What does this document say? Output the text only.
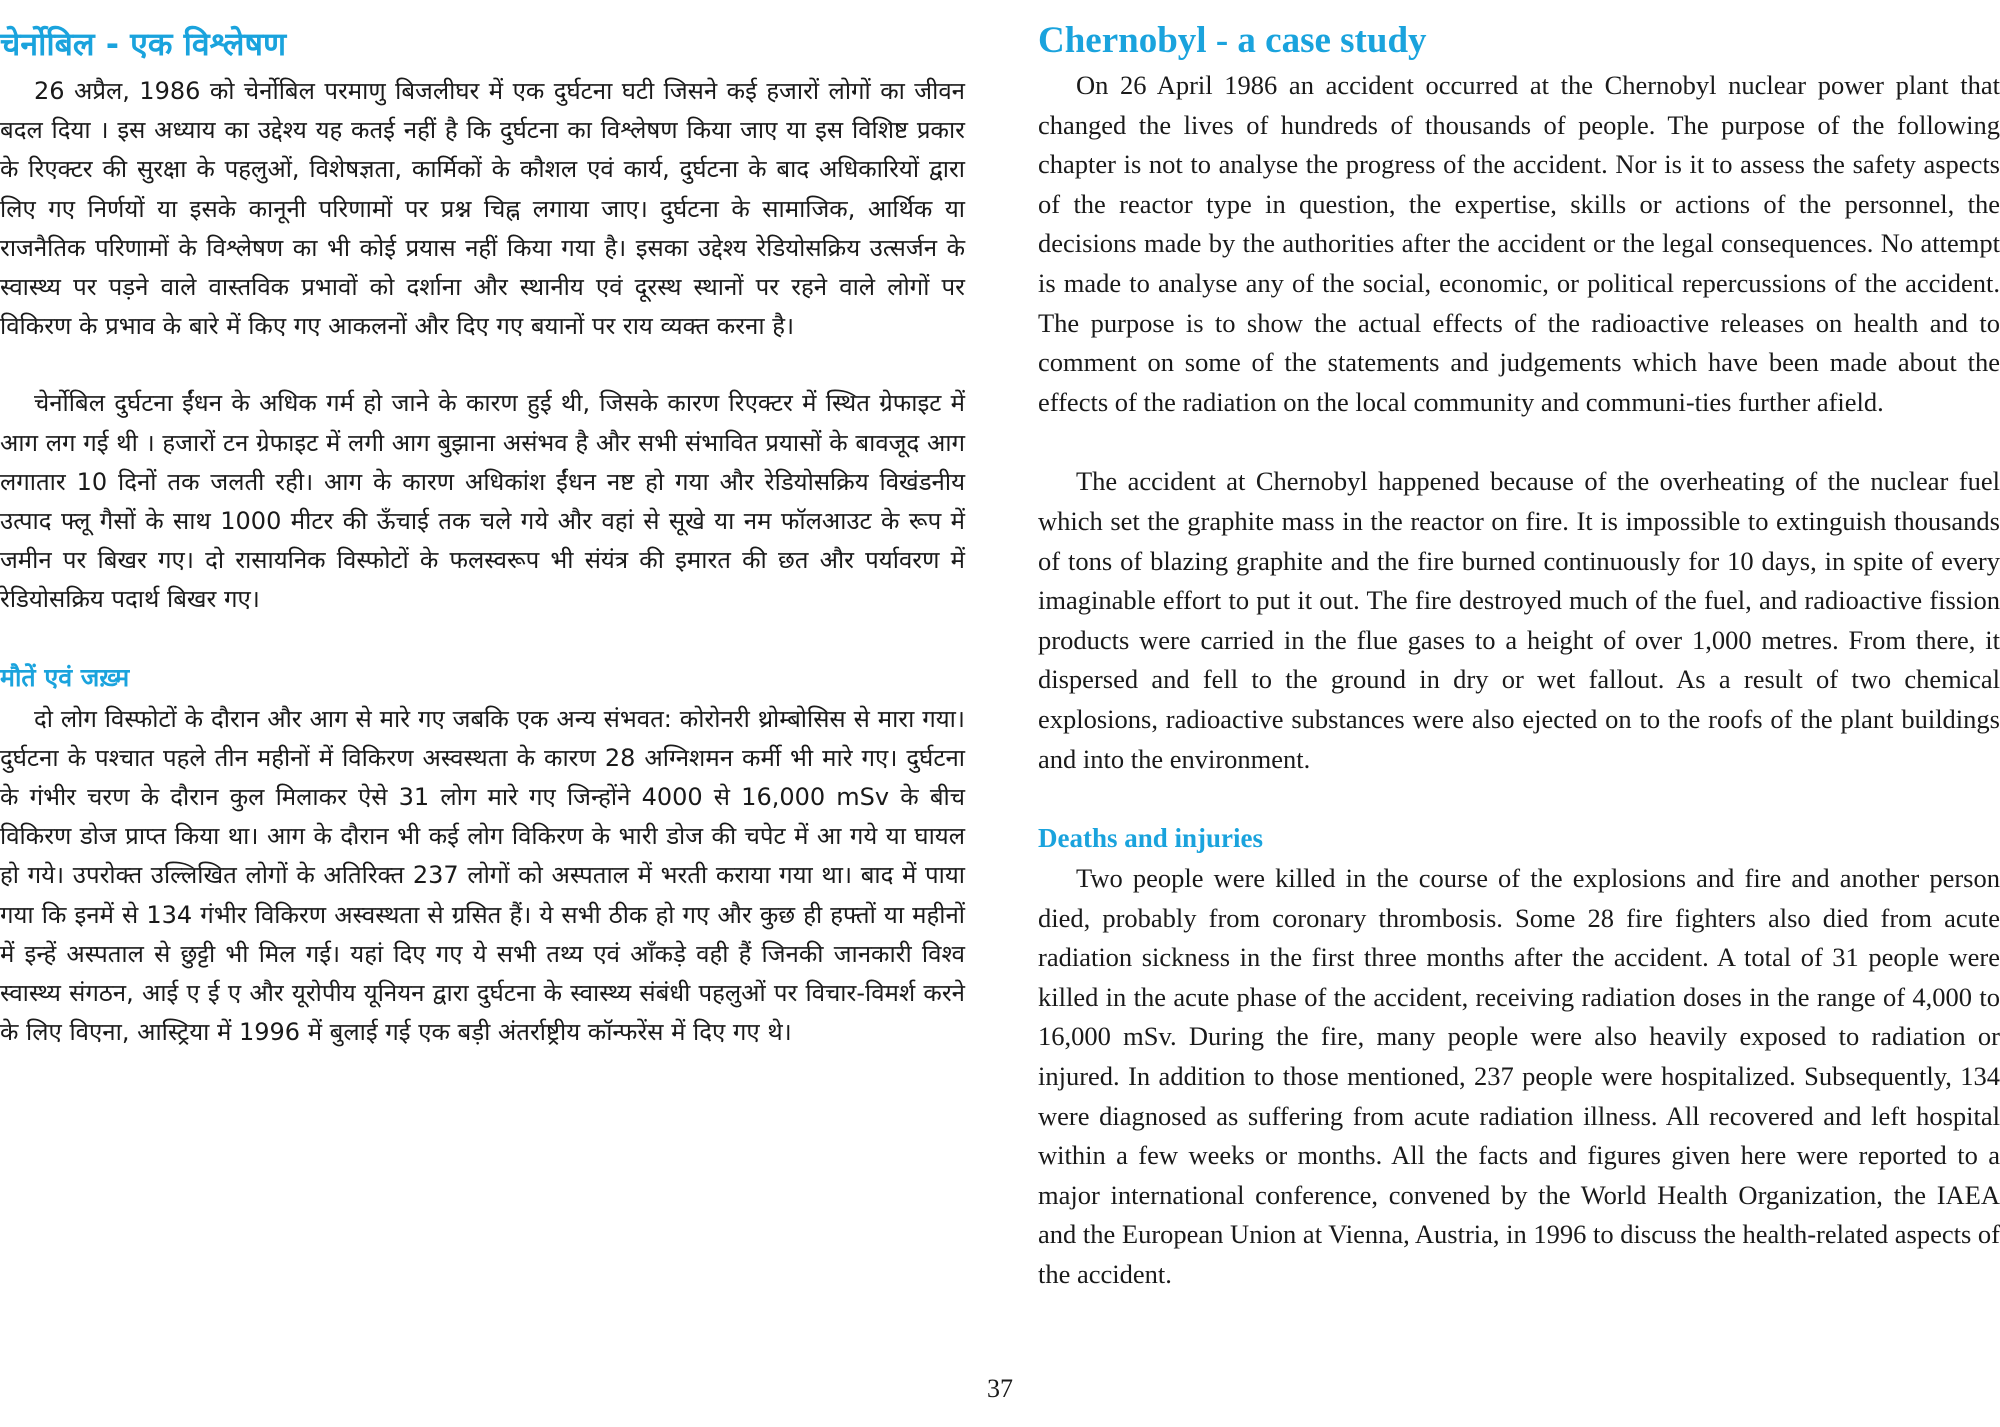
चेर्नोबिल - एक विश्लेषण

26 अप्रैल, 1986 को चेर्नोबिल परमाणु बिजलीघर में एक दुर्घटना घटी जिसने कई हजारों लोगों का जीवन बदल दिया । इस अध्याय का उद्देश्य यह कतई नहीं है कि दुर्घटना का विश्लेषण किया जाए या इस विशिष्ट प्रकार के रिएक्टर की सुरक्षा के पहलुओं, विशेषज्ञता, कार्मिकों के कौशल एवं कार्य, दुर्घटना के बाद अधिकारियों द्वारा लिए गए निर्णयों या इसके कानूनी परिणामों पर प्रश्न चिह्न लगाया जाए। दुर्घटना के सामाजिक, आर्थिक या राजनैतिक परिणामों के विश्लेषण का भी कोई प्रयास नहीं किया गया है। इसका उद्देश्य रेडियोसक्रिय उत्सर्जन के स्वास्थ्य पर पड़ने वाले वास्तविक प्रभावों को दर्शाना और स्थानीय एवं दूरस्थ स्थानों पर रहने वाले लोगों पर विकिरण के प्रभाव के बारे में किए गए आकलनों और दिए गए बयानों पर राय व्यक्त करना है।

चेर्नोबिल दुर्घटना ईंधन के अधिक गर्म हो जाने के कारण हुई थी, जिसके कारण रिएक्टर में स्थित ग्रेफाइट में आग लग गई थी । हजारों टन ग्रेफाइट में लगी आग बुझाना असंभव है और सभी संभावित प्रयासों के बावजूद आग लगातार 10 दिनों तक जलती रही। आग के कारण अधिकांश ईंधन नष्ट हो गया और रेडियोसक्रिय विखंडनीय उत्पाद फ्लू गैसों के साथ 1000 मीटर की ऊँचाई तक चले गये और वहां से सूखे या नम फॉलआउट के रूप में जमीन पर बिखर गए। दो रासायनिक विस्फोटों के फलस्वरूप भी संयंत्र की इमारत की छत और पर्यावरण में रेडियोसक्रिय पदार्थ बिखर गए।

मौतें एवं जख़्म

दो लोग विस्फोटों के दौरान और आग से मारे गए जबकि एक अन्य संभवत: कोरोनरी थ्रोम्बोसिस से मारा गया। दुर्घटना के पश्चात पहले तीन महीनों में विकिरण अस्वस्थता के कारण 28 अग्निशमन कर्मी भी मारे गए। दुर्घटना के गंभीर चरण के दौरान कुल मिलाकर ऐसे 31 लोग मारे गए जिन्होंने 4000 से 16,000 mSv के बीच विकिरण डोज प्राप्त किया था। आग के दौरान भी कई लोग विकिरण के भारी डोज की चपेट में आ गये या घायल हो गये। उपरोक्त उल्लिखित लोगों के अतिरिक्त 237 लोगों को अस्पताल में भरती कराया गया था। बाद में पाया गया कि इनमें से 134 गंभीर विकिरण अस्वस्थता से ग्रसित हैं। ये सभी ठीक हो गए और कुछ ही हफ्तों या महीनों में इन्हें अस्पताल से छुट्टी भी मिल गई। यहां दिए गए ये सभी तथ्य एवं आँकड़े वही हैं जिनकी जानकारी विश्व स्वास्थ्य संगठन, आई ए ई ए और यूरोपीय यूनियन द्वारा दुर्घटना के स्वास्थ्य संबंधी पहलुओं पर विचार-विमर्श करने के लिए विएना, आस्ट्रिया में 1996 में बुलाई गई एक बड़ी अंतर्राष्ट्रीय कॉन्फरेंस में दिए गए थे।

Chernobyl - a case study

On 26 April 1986 an accident occurred at the Chernobyl nuclear power plant that changed the lives of hundreds of thousands of people. The purpose of the following chapter is not to analyse the progress of the accident. Nor is it to assess the safety aspects of the reactor type in question, the expertise, skills or actions of the personnel, the decisions made by the authorities after the accident or the legal consequences. No attempt is made to analyse any of the social, economic, or political repercussions of the accident. The purpose is to show the actual effects of the radioactive releases on health and to comment on some of the statements and judgements which have been made about the effects of the radiation on the local community and communi-ties further afield.

The accident at Chernobyl happened because of the overheating of the nuclear fuel which set the graphite mass in the reactor on fire. It is impossible to extinguish thousands of tons of blazing graphite and the fire burned continuously for 10 days, in spite of every imaginable effort to put it out. The fire destroyed much of the fuel, and radioactive fission products were carried in the flue gases to a height of over 1,000 metres. From there, it dispersed and fell to the ground in dry or wet fallout. As a result of two chemical explosions, radioactive substances were also ejected on to the roofs of the plant buildings and into the environment.

Deaths and injuries

Two people were killed in the course of the explosions and fire and another person died, probably from coronary thrombosis. Some 28 fire fighters also died from acute radiation sickness in the first three months after the accident. A total of 31 people were killed in the acute phase of the accident, receiving radiation doses in the range of 4,000 to 16,000 mSv. During the fire, many people were also heavily exposed to radiation or injured. In addition to those mentioned, 237 people were hospitalized. Subsequently, 134 were diagnosed as suffering from acute radiation illness. All recovered and left hospital within a few weeks or months. All the facts and figures given here were reported to a major international conference, convened by the World Health Organization, the IAEA and the European Union at Vienna, Austria, in 1996 to discuss the health-related aspects of the accident.

37
